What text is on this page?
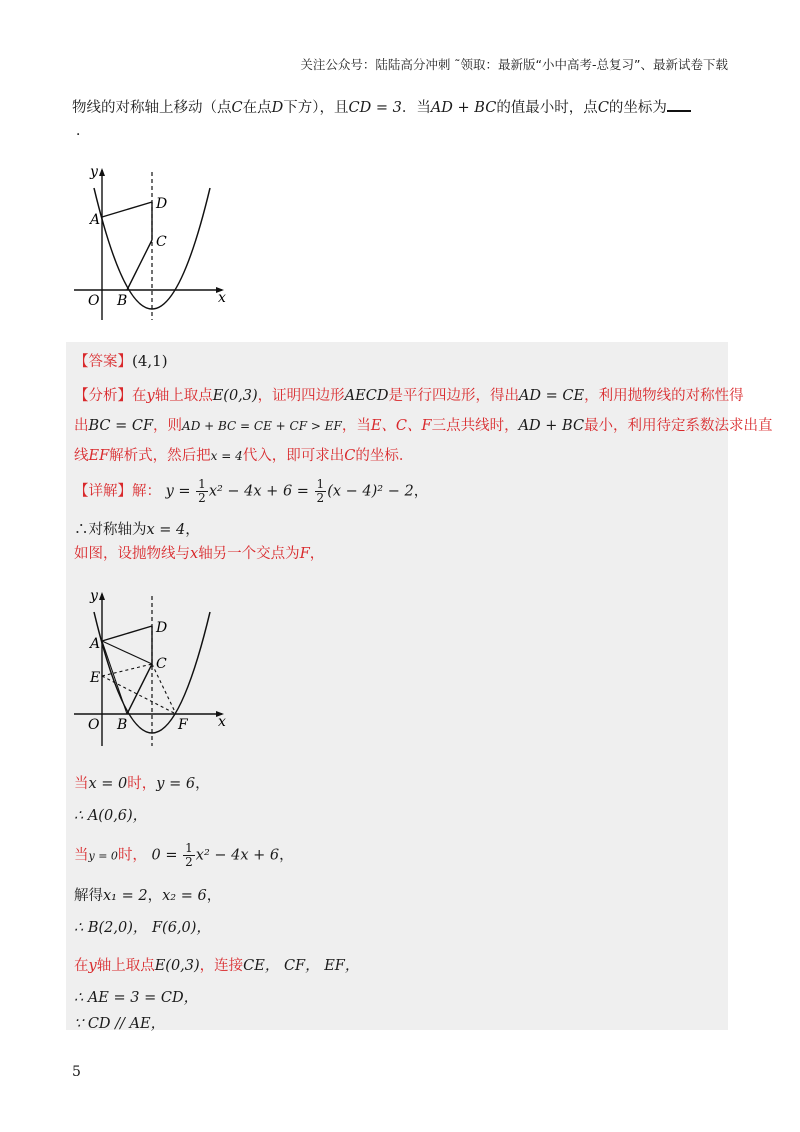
关注公众号：陆陆高分冲刺 ˜领取：最新版“小中高考-总复习”、最新试卷下载
物线的对称轴上移动（点C在点D下方），且CD = 3．当AD + BC的值最小时，点C的坐标为
．
y
x
O
A
B
C
D
【答案】(4,1)
【分析】在y轴上取点E(0,3)，证明四边形AECD是平行四边形，得出AD = CE，利用抛物线的对称性得
出BC = CF，则AD + BC = CE + CF > EF，当E、C、F三点共线时，AD + BC最小，利用待定系数法求出直
线EF解析式，然后把x = 4代入，即可求出C的坐标．
【详解】解： $y = \frac{1}{2} x^2 - 4x + 6 = \frac{1}{2} (x - 4)^2 - 2$，
∴对称轴为x = 4，
如图，设抛物线与x轴另一个交点为F，
y
x
O
A
B
C
D
E
F
当x = 0时，y = 6，
∴ A(0,6)，
当y = 0时， $0 = \frac{1}{2} x^2 - 4x + 6$，
解得x₁ = 2，x₂ = 6，
∴ B(2,0)， F(6,0)，
在y轴上取点E(0,3)，连接CE， CF， EF，
∴ AE = 3 = CD，
∵ CD // AE，
5
